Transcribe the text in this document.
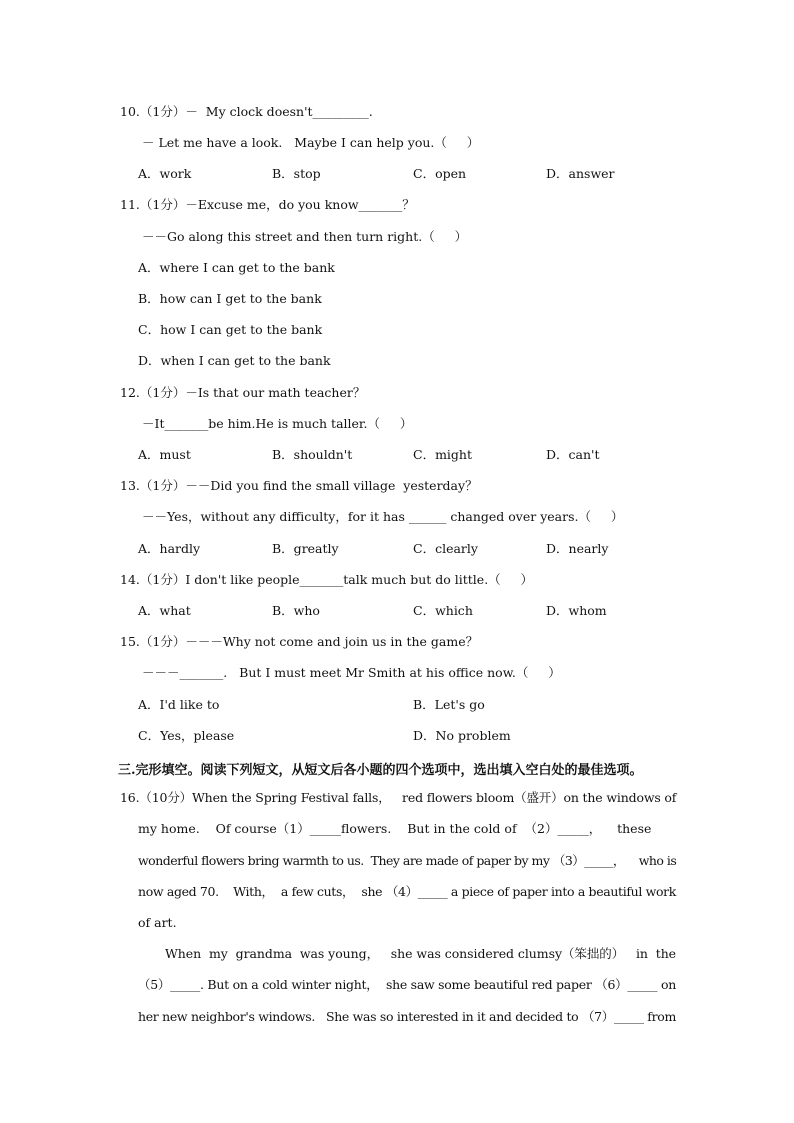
10.（1分）－  My clock doesn't_________.
－ Let me have a look.   Maybe I can help you.（     ）
A．work	B．stop	C．open	D．answer
11.（1分）－Excuse me，do you know_______？
－－Go along this street and then turn right.（     ）
A．where I can get to the bank
B．how can I get to the bank
C．how I can get to the bank
D．when I can get to the bank
12.（1分）－Is that our math teacher？
－It_______be him.He is much taller.（     ）
A．must	B．shouldn't	C．might	D．can't
13.（1分）－－Did you find the small village  yesterday？
－－Yes，without any difficulty，for it has ______ changed over years.（     ）
A．hardly	B．greatly	C．clearly	D．nearly
14.（1分）I don't like people_______talk much but do little.（     ）
A．what	B．who	C．which	D．whom
15.（1分）－－－Why not come and join us in the game？
－－－_______.   But I must meet Mr Smith at his office now.（     ）
A．I'd like to	B．Let's go
C．Yes，please	D．No problem
三.完形填空。阅读下列短文，从短文后各小题的四个选项中，选出填入空白处的最佳选项。
16.（10分）When the Spring Festival falls，   red flowers bloom（盛开）on the windows of
my home.    Of course（1）_____flowers.    But in the cold of  （2）_____，    these
wonderful flowers bring warmth to us.  They are made of paper by my （3）_____，    who is
now aged 70.    With，  a few cuts，  she （4）_____ a piece of paper into a beautiful work
of art.
When  my  grandma  was young，   she was considered clumsy（笨拙的）   in  the
（5）_____. But on a cold winter night，  she saw some beautiful red paper （6）_____ on
her new neighbor's windows.   She was so interested in it and decided to （7）_____ from
